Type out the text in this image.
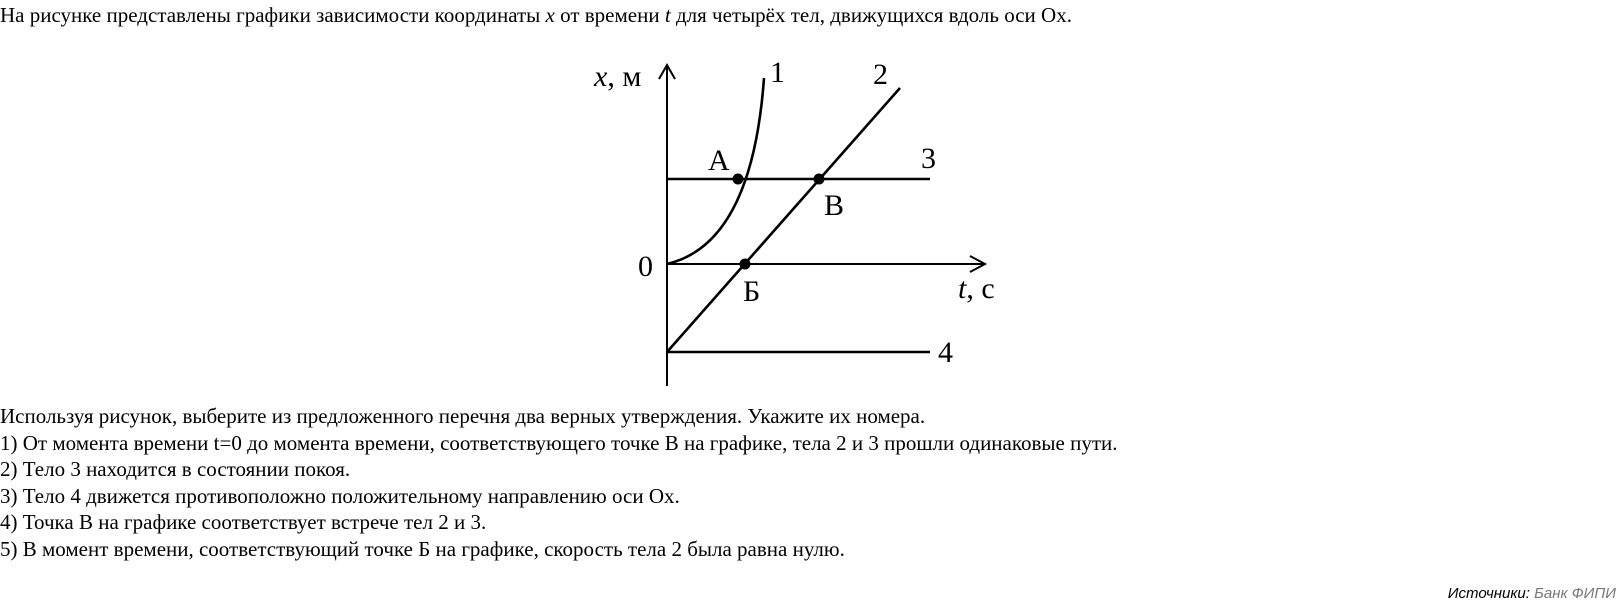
На рисунке представлены графики зависимости координаты x от времени t для четырёх тел, движущихся вдоль оси Ох.
x, м
t, с
0
1	2
3
4
А
В
Б

Используя рисунок, выберите из предложенного перечня два верных утверждения. Укажите их номера.

1) От момента времени t=0 до момента времени, соответствующего точке В на графике, тела 2 и 3 прошли одинаковые пути.

2) Тело 3 находится в состоянии покоя.

3) Тело 4 движется противоположно положительному направлению оси Ох.

4) Точка В на графике соответствует встрече тел 2 и 3.

5) В момент времени, соответствующий точке Б на графике, скорость тела 2 была равна нулю.

Источники: Банк ФИПИ
